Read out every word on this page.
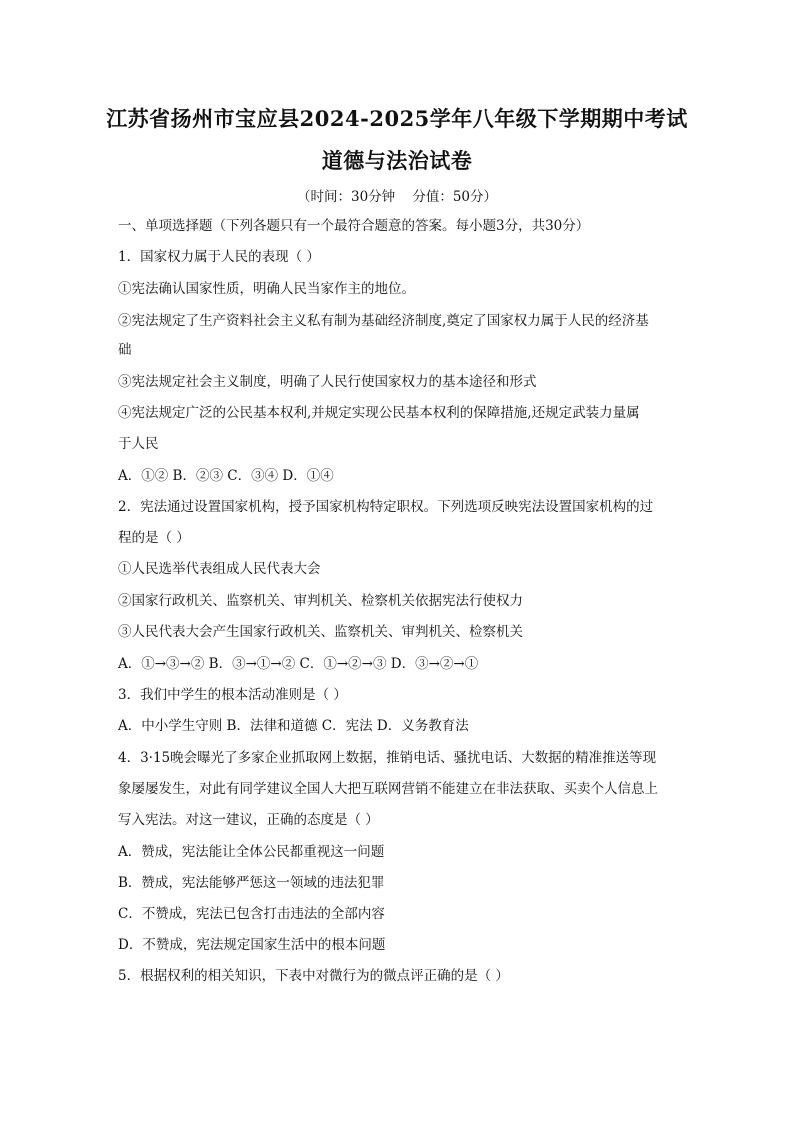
江苏省扬州市宝应县2024-2025学年八年级下学期期中考试
道德与法治试卷
（时间：30分钟    分值：50分）
一、单项选择题（下列各题只有一个最符合题意的答案。每小题3分，共30分）
1．国家权力属于人民的表现（ ）
①宪法确认国家性质，明确人民当家作主的地位。
②宪法规定了生产资料社会主义私有制为基础经济制度,奠定了国家权力属于人民的经济基
础
③宪法规定社会主义制度，明确了人民行使国家权力的基本途径和形式
④宪法规定广泛的公民基本权利,并规定实现公民基本权利的保障措施,还规定武装力量属
于人民
A．①② B．②③ C．③④ D．①④
2．宪法通过设置国家机构，授予国家机构特定职权。下列选项反映宪法设置国家机构的过
程的是（ ）
①人民选举代表组成人民代表大会
②国家行政机关、监察机关、审判机关、检察机关依据宪法行使权力
③人民代表大会产生国家行政机关、监察机关、审判机关、检察机关
A．①→③→② B．③→①→② C．①→②→③ D．③→②→①
3．我们中学生的根本活动准则是（ ）
A．中小学生守则 B．法律和道德 C．宪法 D．义务教育法
4．3·15晚会曝光了多家企业抓取网上数据，推销电话、骚扰电话、大数据的精准推送等现
象屡屡发生，对此有同学建议全国人大把互联网营销不能建立在非法获取、买卖个人信息上
写入宪法。对这一建议，正确的态度是（ ）
A．赞成，宪法能让全体公民都重视这一问题
B．赞成，宪法能够严惩这一领域的违法犯罪
C．不赞成，宪法已包含打击违法的全部内容
D．不赞成，宪法规定国家生活中的根本问题
5．根据权利的相关知识，下表中对微行为的微点评正确的是（ ）
